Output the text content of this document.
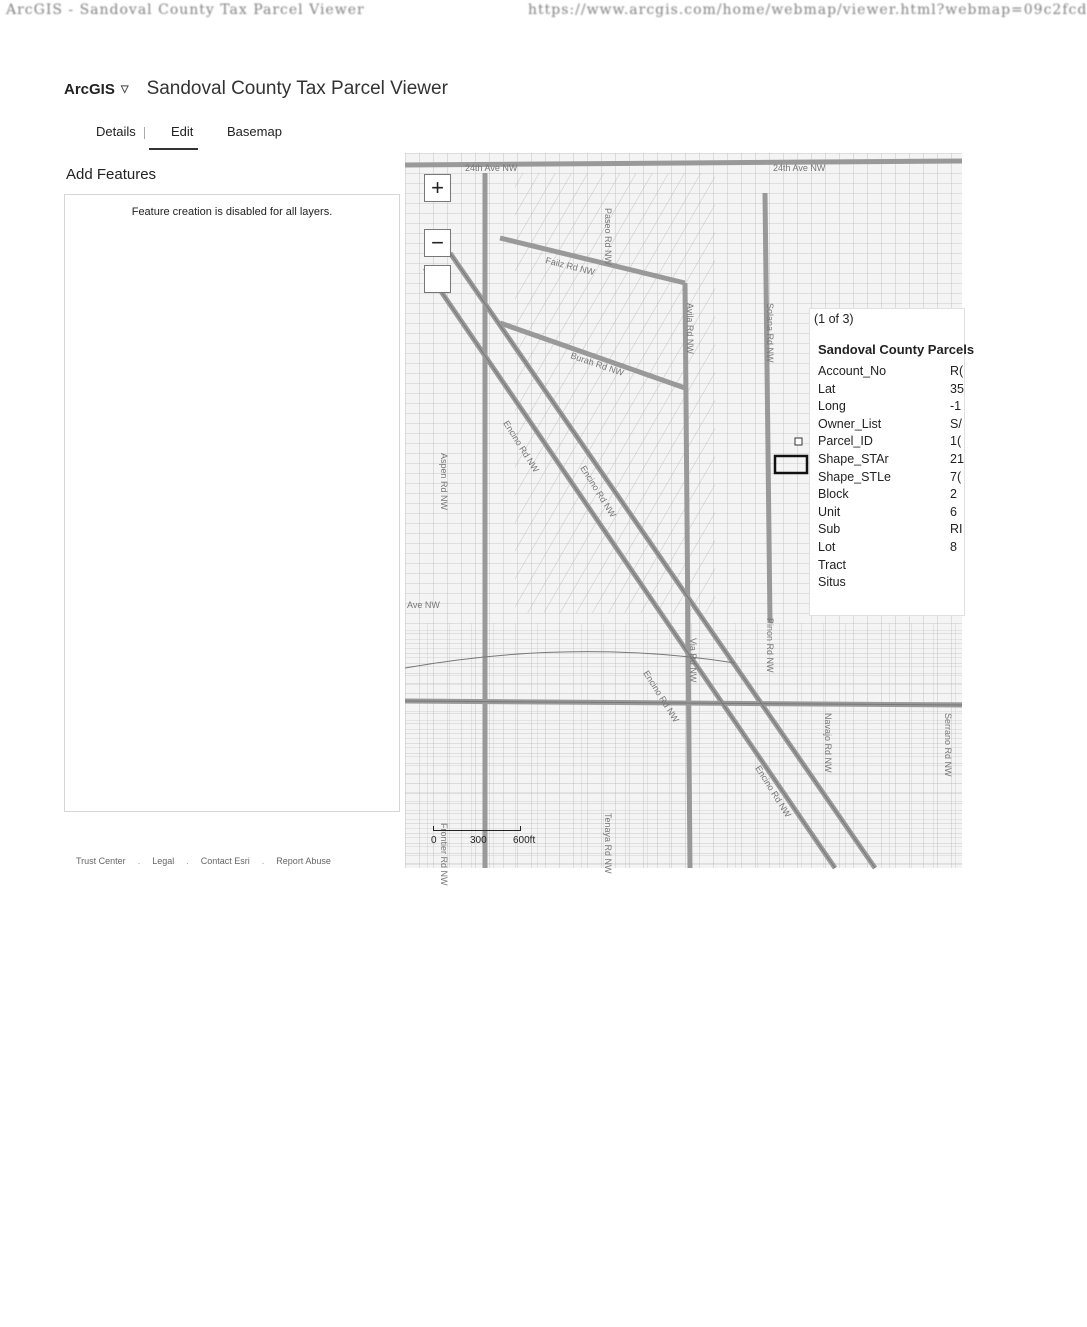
ArcGIS - Sandoval County Tax Parcel Viewer	https://www.arcgis.com/home/webmap/viewer.html?webmap=09c2fcd
ArcGIS ▽ Sandoval County Tax Parcel Viewer
Details	Edit	Basemap
Add Features
Feature creation is disabled for all layers.
Trust Center . Legal . Contact Esri . Report Abuse
24th Ave NW	24th Ave NW
Failz Rd NW
Burah Rd NW
Encino Rd NW
Encino Rd NW
Encino Rd NW
Encino Rd NW
Avila Rd NW
Paseo Rd NW
Solana Rd NW
Via Rd NW	Pinon Rd NW
Aspen Rd NW
Navajo Rd NW	Serrano Rd NW
Tenaya Rd NW
Ave NW
Frontier Rd NW
+
−
(1 of 3)
Sandoval County Parcels
Account_No	R(
Lat	35
Long	-1
Owner_List	S/
Parcel_ID	1(
Shape_STAr	21
Shape_STLe	7(
Block	2
Unit	6
Sub	RI
Lot	8
Tract
Situs
0	300	600ft
